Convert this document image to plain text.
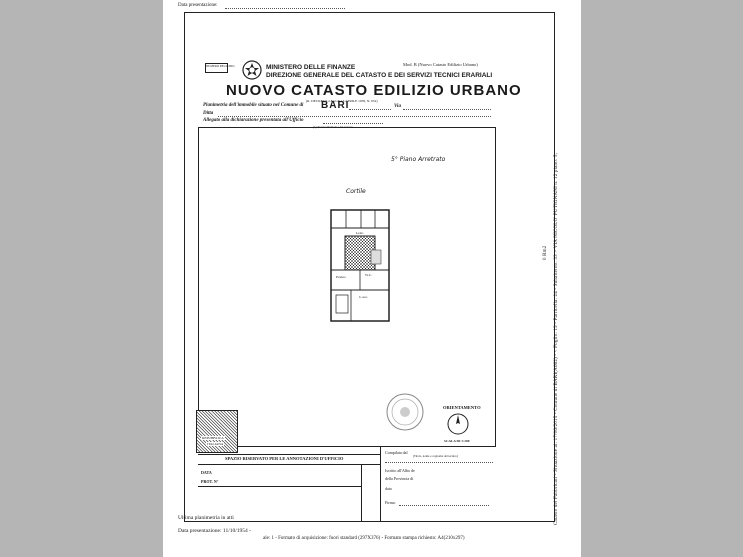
Data presentazione:
NUMERO REGISTRO	MINISTERO DELLE FINANZE
DIREZIONE GENERALE DEL CATASTO E DEI SERVIZI TECNICI ERARIALI
Mod. B (Nuovo Catasto Edilizio Urbano)
NUOVO CATASTO EDILIZIO URBANO
(R. DECRETO-LEGGE 13 APRILE 1939, N. 652)
Planimetria dell'immobile situato nel Comune di BARI	Via
Ditta
Allegato alla dichiarazione presentata all'Ufficio
(1) Tecnico Erariale e del Catasto
5° Piano Arretrato
Cortile
Letto
W.C.
Pranzo
b. uso
ORIENTAMENTO
SCALA DI 1:200
REPUBBLICA
ITALIANA
SPAZIO RISERVATO PER LE ANNOTAZIONI D'UFFICIO
DATA
PROT. N°
Compilata dal
(Titolo, nome e cognome del tecnico)
Iscritto all'Albo de
della Provincia di
data
Firma:
Ultima planimetria in atti
Data presentazione: 11/10/1954 -
ale: 1 - Formato di acquisizione: fuori standard (297X376) - Formato stampa richiesto: A4(210x297)
Catasto dei Fabbricati - Situazione al: 17/06/2015 - Comune di BARI(A662) - < Foglio: 19 - Particella: 24 - Subalterno: 33 > VIA NICOLO' PUTIGNANI n. 12 piano: 5;
0 Rm2
